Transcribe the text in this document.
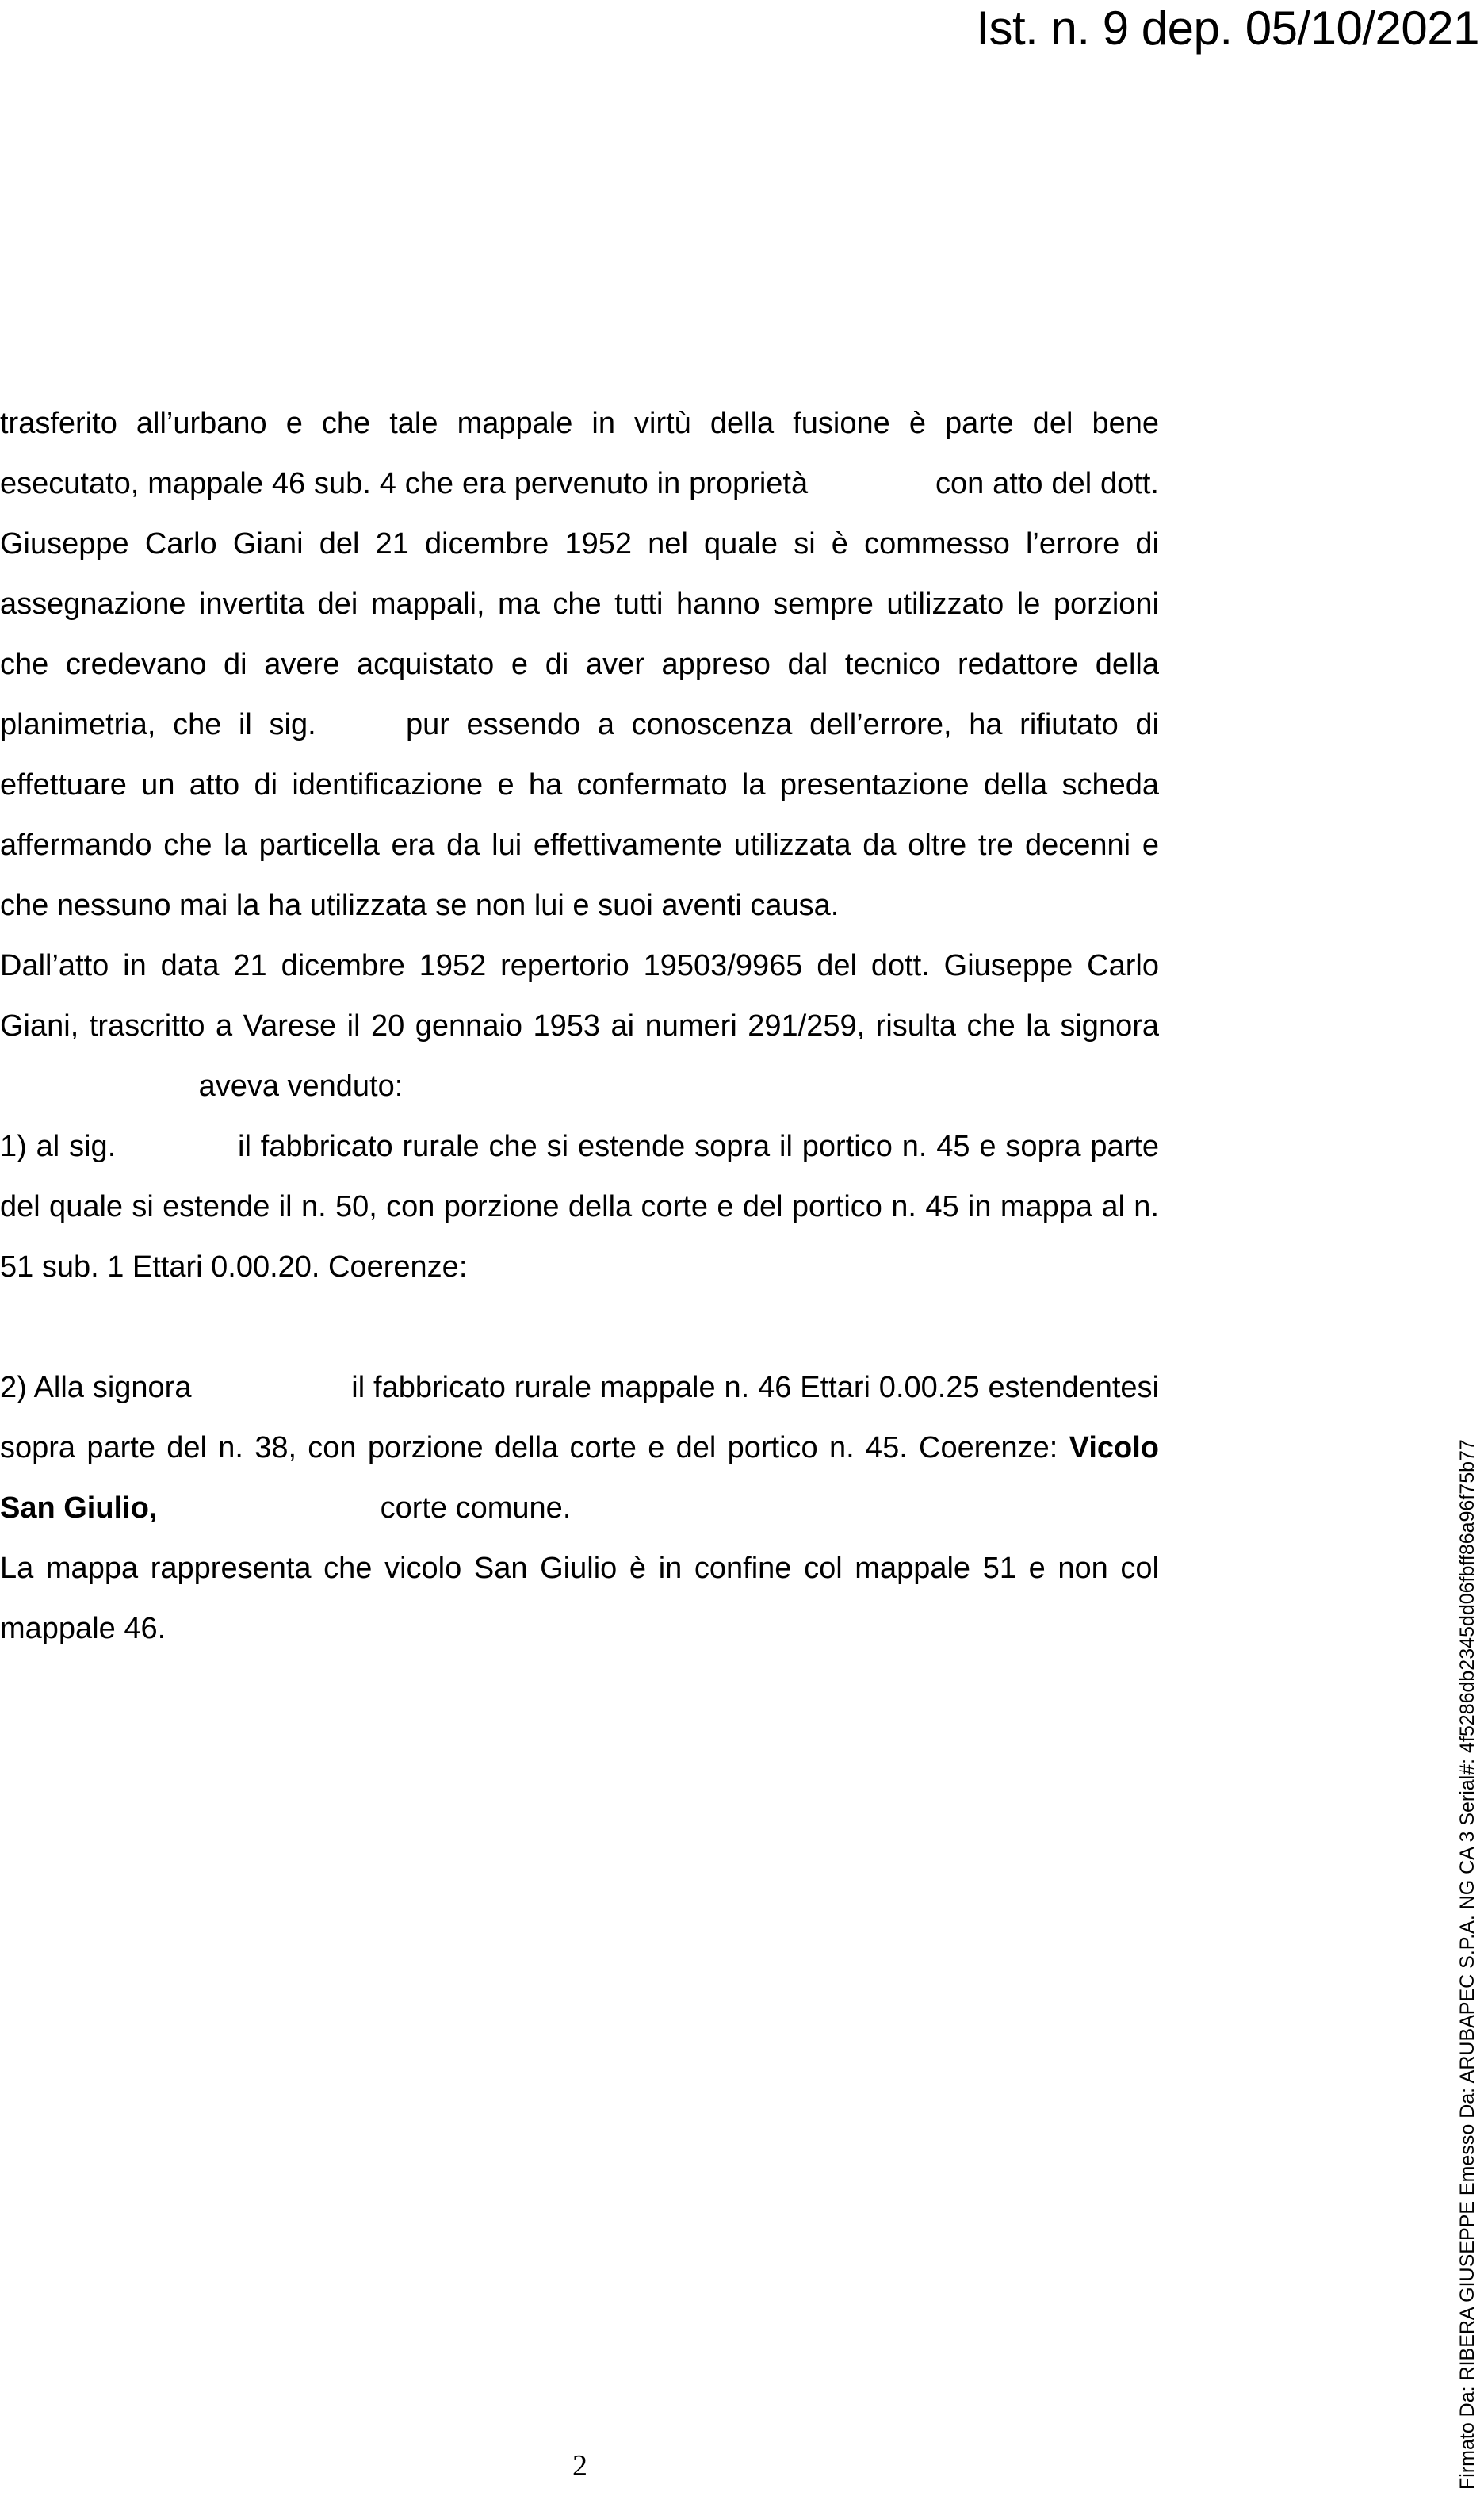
Ist. n. 9 dep. 05/10/2021

trasferito all’urbano e che tale mappale in virtù della fusione è parte del bene esecutato, mappale 46 sub. 4 che era pervenuto in proprietà	con atto del dott. Giuseppe Carlo Giani del 21 dicembre 1952 nel quale si è commesso l’errore di assegnazione invertita dei mappali, ma che tutti hanno sempre utilizzato le porzioni che credevano di avere acquistato e di aver appreso dal tecnico redattore della planimetria, che il sig.	pur essendo a conoscenza dell’errore, ha rifiutato di effettuare un atto di identificazione e ha confermato la presentazione della scheda affermando che la particella era da lui effettivamente utilizzata da oltre tre decenni e che nessuno mai la ha utilizzata se non lui e suoi aventi causa.

Dall’atto in data 21 dicembre 1952 repertorio 19503/9965 del dott. Giuseppe Carlo Giani, trascritto a Varese il 20 gennaio 1953 ai numeri 291/259, risulta che la signora  aveva venduto:

1) al sig.	il fabbricato rurale che si estende sopra il portico n. 45 e sopra parte del quale si estende il n. 50, con porzione della corte e del portico n. 45 in mappa al n. 51 sub. 1 Ettari 0.00.20. Coerenze:

2) Alla signora	il fabbricato rurale mappale n. 46 Ettari 0.00.25 estendentesi sopra parte del n. 38, con porzione della corte e del portico n. 45. Coerenze: Vicolo San Giulio,	corte comune.

La mappa rappresenta che vicolo San Giulio è in confine col mappale 51 e non col mappale 46.

2	Firmato Da: RIBERA GIUSEPPE Emesso Da: ARUBAPEC S.P.A. NG CA 3 Serial#: 4f5286db2345dd06fbff86a96f75b77
